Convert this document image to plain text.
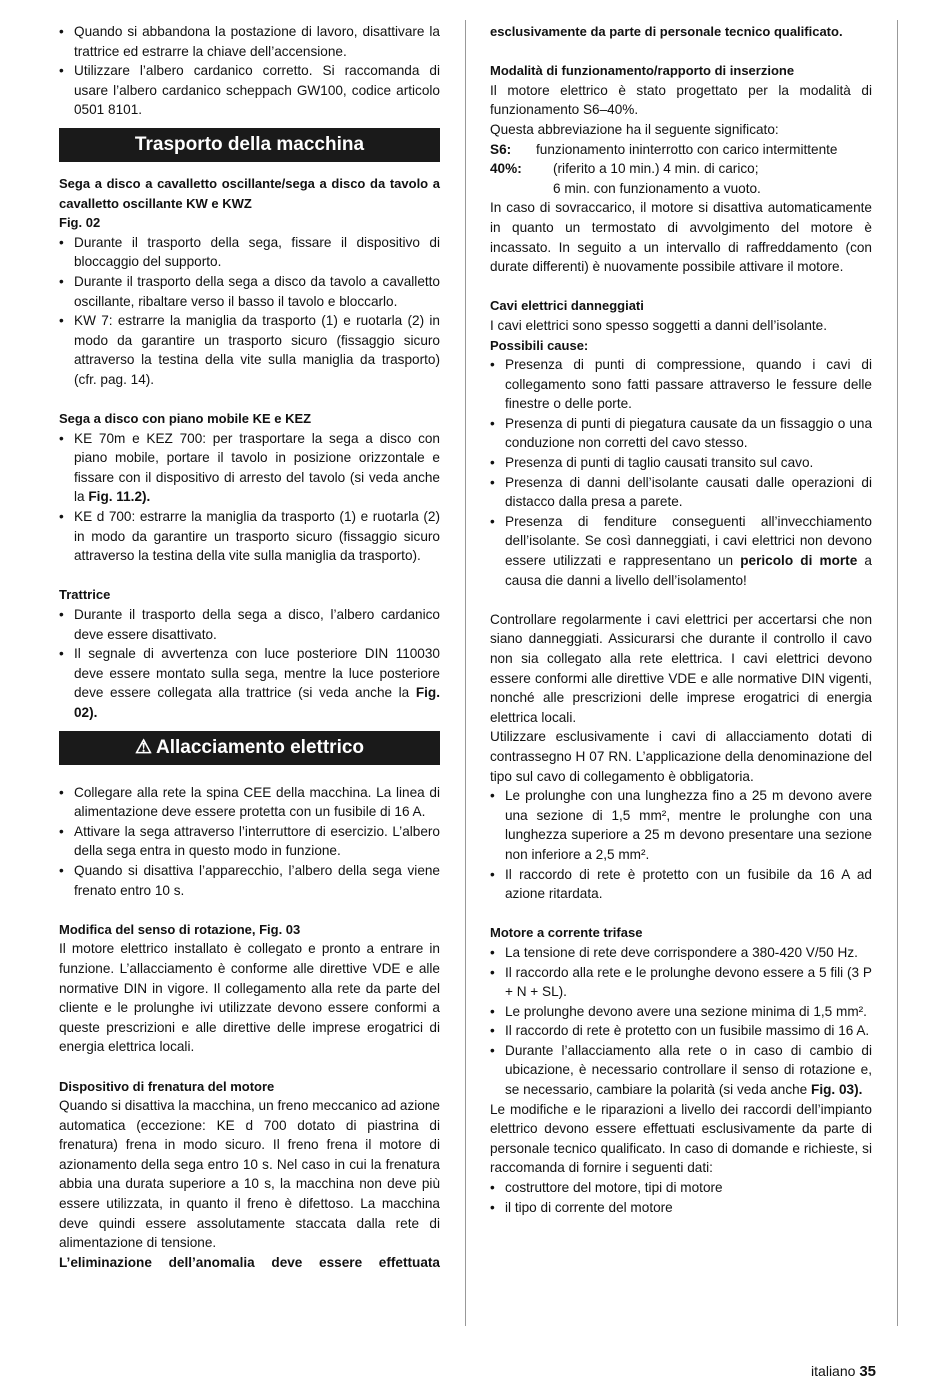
• Quando si abbandona la postazione di lavoro, disattivare la trattrice ed estrarre la chiave dell’accensione.
• Utilizzare l’albero cardanico corretto. Si raccomanda di usare l’albero cardanico scheppach GW100, codice articolo 0501 8101.
Trasporto della macchina

Sega a disco a cavalletto oscillante/sega a disco da tavolo a cavalletto oscillante KW e KWZ

Fig. 02

• Durante il trasporto della sega, fissare il dispositivo di bloccaggio del supporto.
• Durante il trasporto della sega a disco da tavolo a cavalletto oscillante, ribaltare verso il basso il tavolo e bloccarlo.
• KW 7: estrarre la maniglia da trasporto (1) e ruotarla (2) in modo da garantire un trasporto sicuro (fissaggio sicuro attraverso la testina della vite sulla maniglia da trasporto) (cfr. pag. 14).

Sega a disco con piano mobile KE e KEZ

• KE 70m e KEZ 700: per trasportare la sega a disco con piano mobile, portare il tavolo in posizione orizzontale e fissare con il dispositivo di arresto del tavolo (si veda anche la Fig. 11.2).
• KE d 700: estrarre la maniglia da trasporto (1) e ruotarla (2) in modo da garantire un trasporto sicuro (fissaggio sicuro attraverso la testina della vite sulla maniglia da trasporto).

Trattrice

• Durante il trasporto della sega a disco, l’albero cardanico deve essere disattivato.
• Il segnale di avvertenza con luce posteriore DIN 110030 deve essere montato sulla sega, mentre la luce posteriore deve essere collegata alla trattrice (si veda anche la Fig. 02).
⚠ Allacciamento elettrico
• Collegare alla rete la spina CEE della macchina. La linea di alimentazione deve essere protetta con un fusibile di 16 A.
• Attivare la sega attraverso l’interruttore di esercizio. L’albero della sega entra in questo modo in funzione.
• Quando si disattiva l’apparecchio, l’albero della sega viene frenato entro 10 s.

Modifica del senso di rotazione, Fig. 03

Il motore elettrico installato è collegato e pronto a entrare in funzione. L’allacciamento è conforme alle direttive VDE e alle normative DIN in vigore. Il collegamento alla rete da parte del cliente e le prolunghe ivi utilizzate devono essere conformi a queste prescrizioni e alle direttive delle imprese erogatrici di energia elettrica locali.

Dispositivo di frenatura del motore

Quando si disattiva la macchina, un freno meccanico ad azione automatica (eccezione: KE d 700 dotato di piastrina di frenatura) frena in modo sicuro. Il freno frena il motore di azionamento della sega entro 10 s. Nel caso in cui la frenatura abbia una durata superiore a 10 s, la macchina non deve più essere utilizzata, in quanto il freno è difettoso. La macchina deve quindi essere assolutamente staccata dalla rete di alimentazione di tensione.

L’eliminazione dell’anomalia deve essere effettuata

esclusivamente da parte di personale tecnico qualificato.

Modalità di funzionamento/rapporto di inserzione

Il motore elettrico è stato progettato per la modalità di funzionamento S6–40%.

Questa abbreviazione ha il seguente significato:

S6:	funzionamento ininterrotto con carico intermittente
40%:	(riferito a 10 min.) 4 min. di carico;

6 min. con funzionamento a vuoto.

In caso di sovraccarico, il motore si disattiva automaticamente in quanto un termostato di avvolgimento del motore è incassato. In seguito a un intervallo di raffreddamento (con durate differenti) è nuovamente possibile attivare il motore.

Cavi elettrici danneggiati

I cavi elettrici sono spesso soggetti a danni dell’isolante.

Possibili cause:

• Presenza di punti di compressione, quando i cavi di collegamento sono fatti passare attraverso le fessure delle finestre o delle porte.
• Presenza di punti di piegatura causate da un fissaggio o una conduzione non corretti del cavo stesso.
• Presenza di punti di taglio causati transito sul cavo.
• Presenza di danni dell’isolante causati dalle operazioni di distacco dalla presa a parete.
• Presenza di fenditure conseguenti all’invecchiamento dell’isolante. Se così danneggiati, i cavi elettrici non devono essere utilizzati e rappresentano un pericolo di morte a causa die danni a livello dell’isolamento!

Controllare regolarmente i cavi elettrici per accertarsi che non siano danneggiati. Assicurarsi che durante il controllo il cavo non sia collegato alla rete elettrica. I cavi elettrici devono essere conformi alle direttive VDE e alle normative DIN vigenti, nonché alle prescrizioni delle imprese erogatrici di energia elettrica locali.

Utilizzare esclusivamente i cavi di allacciamento dotati di contrassegno H 07 RN. L’applicazione della denominazione del tipo sul cavo di collegamento è obbligatoria.

• Le prolunghe con una lunghezza fino a 25 m devono avere una sezione di 1,5 mm², mentre le prolunghe con una lunghezza superiore a 25 m devono presentare una sezione non inferiore a 2,5 mm².
• Il raccordo di rete è protetto con un fusibile da 16 A ad azione ritardata.

Motore a corrente trifase

• La tensione di rete deve corrispondere a 380-420 V/50 Hz.
• Il raccordo alla rete e le prolunghe devono essere a 5 fili (3 P + N + SL).
• Le prolunghe devono avere una sezione minima di 1,5 mm².
• Il raccordo di rete è protetto con un fusibile massimo di 16 A.
• Durante l’allacciamento alla rete o in caso di cambio di ubicazione, è necessario controllare il senso di rotazione e, se necessario, cambiare la polarità (si veda anche Fig. 03).

Le modifiche e le riparazioni a livello dei raccordi dell’impianto elettrico devono essere effettuati esclusivamente da parte di personale tecnico qualificato. In caso di domande e richieste, si raccomanda di fornire i seguenti dati:

• costruttore del motore, tipi di motore
• il tipo di corrente del motore
italiano 35
